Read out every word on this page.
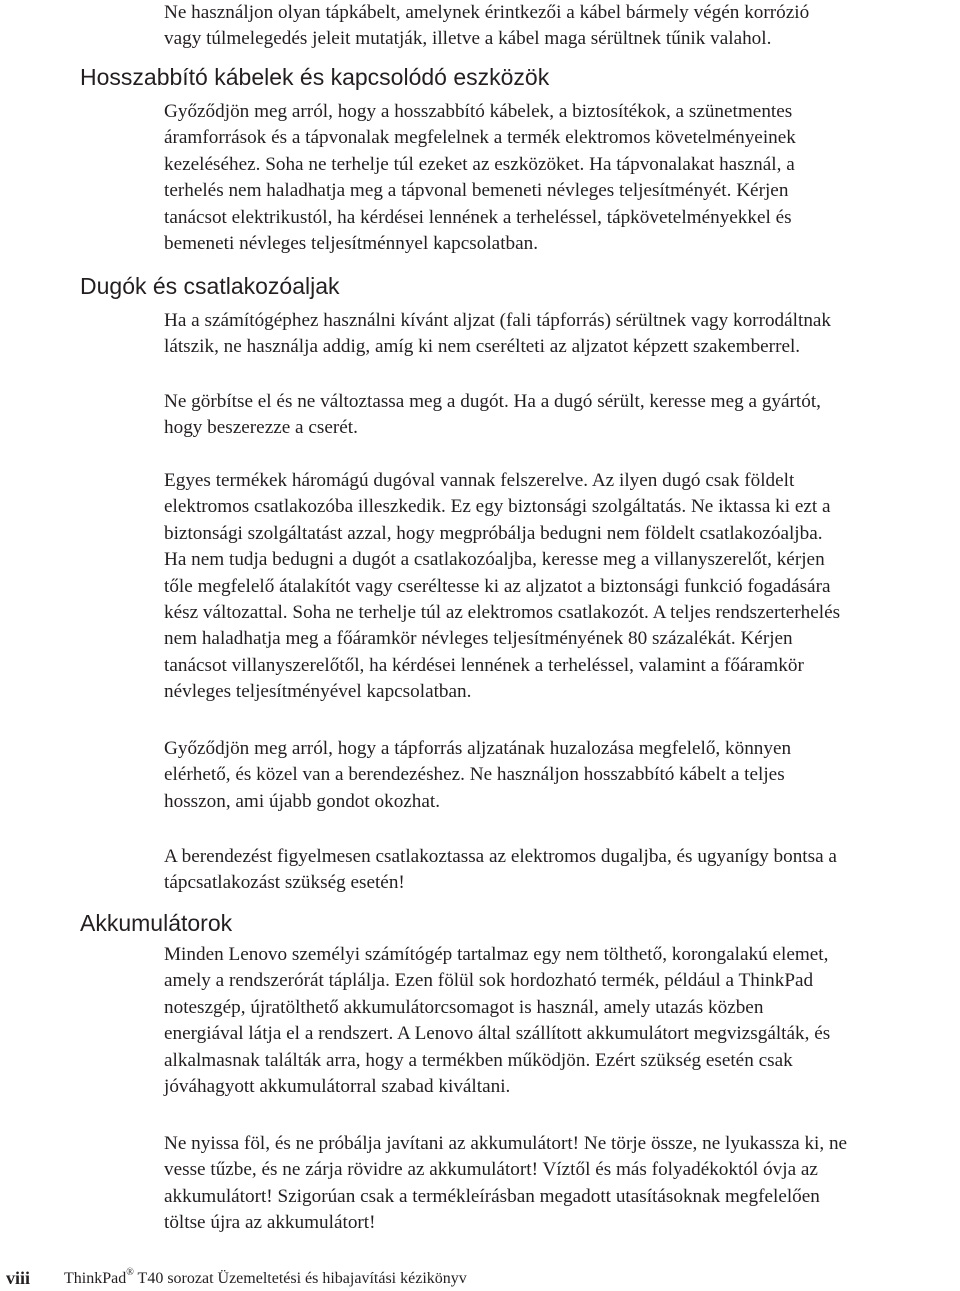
Ne használjon olyan tápkábelt, amelynek érintkezői a kábel bármely végén korrózió
vagy túlmelegedés jeleit mutatják, illetve a kábel maga sérültnek tűnik valahol.

Hosszabbító kábelek és kapcsolódó eszközök

Győződjön meg arról, hogy a hosszabbító kábelek, a biztosítékok, a szünetmentes
áramforrások és a tápvonalak megfelelnek a termék elektromos követelményeinek
kezeléséhez. Soha ne terhelje túl ezeket az eszközöket. Ha tápvonalakat használ, a
terhelés nem haladhatja meg a tápvonal bemeneti névleges teljesítményét. Kérjen
tanácsot elektrikustól, ha kérdései lennének a terheléssel, tápkövetelményekkel és
bemeneti névleges teljesítménnyel kapcsolatban.

Dugók és csatlakozóaljak

Ha a számítógéphez használni kívánt aljzat (fali tápforrás) sérültnek vagy korrodáltnak
látszik, ne használja addig, amíg ki nem cserélteti az aljzatot képzett szakemberrel.

Ne görbítse el és ne változtassa meg a dugót. Ha a dugó sérült, keresse meg a gyártót,
hogy beszerezze a cserét.

Egyes termékek háromágú dugóval vannak felszerelve. Az ilyen dugó csak földelt
elektromos csatlakozóba illeszkedik. Ez egy biztonsági szolgáltatás. Ne iktassa ki ezt a
biztonsági szolgáltatást azzal, hogy megpróbálja bedugni nem földelt csatlakozóaljba.
Ha nem tudja bedugni a dugót a csatlakozóaljba, keresse meg a villanyszerelőt, kérjen
tőle megfelelő átalakítót vagy cseréltesse ki az aljzatot a biztonsági funkció fogadására
kész változattal. Soha ne terhelje túl az elektromos csatlakozót. A teljes rendszerterhelés
nem haladhatja meg a főáramkör névleges teljesítményének 80 százalékát. Kérjen
tanácsot villanyszerelőtől, ha kérdései lennének a terheléssel, valamint a főáramkör
névleges teljesítményével kapcsolatban.

Győződjön meg arról, hogy a tápforrás aljzatának huzalozása megfelelő, könnyen
elérhető, és közel van a berendezéshez. Ne használjon hosszabbító kábelt a teljes
hosszon, ami újabb gondot okozhat.

A berendezést figyelmesen csatlakoztassa az elektromos dugaljba, és ugyanígy bontsa a
tápcsatlakozást szükség esetén!

Akkumulátorok

Minden Lenovo személyi számítógép tartalmaz egy nem tölthető, korongalakú elemet,
amely a rendszerórát táplálja. Ezen fölül sok hordozható termék, például a ThinkPad
noteszgép, újratölthető akkumulátorcsomagot is használ, amely utazás közben
energiával látja el a rendszert. A Lenovo által szállított akkumulátort megvizsgálták, és
alkalmasnak találták arra, hogy a termékben működjön. Ezért szükség esetén csak
jóváhagyott akkumulátorral szabad kiváltani.

Ne nyissa föl, és ne próbálja javítani az akkumulátort! Ne törje össze, ne lyukassza ki, ne
vesse tűzbe, és ne zárja rövidre az akkumulátort! Víztől és más folyadékoktól óvja az
akkumulátort! Szigorúan csak a termékleírásban megadott utasításoknak megfelelően
töltse újra az akkumulátort!

viii ThinkPad® T40 sorozat Üzemeltetési és hibajavítási kézikönyv
